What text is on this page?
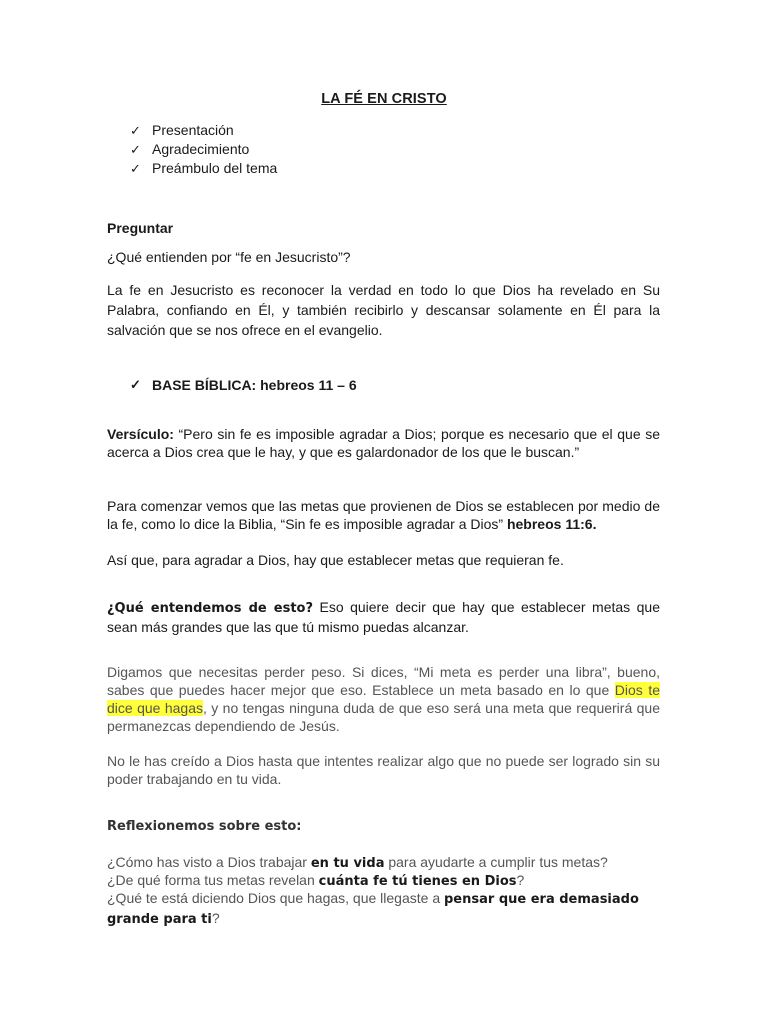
LA FÉ EN CRISTO
✓ Presentación
✓ Agradecimiento
✓ Preámbulo del tema
Preguntar
¿Qué entienden por “fe en Jesucristo”?
La fe en Jesucristo es reconocer la verdad en todo lo que Dios ha revelado en Su Palabra, confiando en Él, y también recibirlo y descansar solamente en Él para la salvación que se nos ofrece en el evangelio.
✓ BASE BÍBLICA: hebreos 11 – 6
Versículo: “Pero sin fe es imposible agradar a Dios; porque es necesario que el que se acerca a Dios crea que le hay, y que es galardonador de los que le buscan.”
Para comenzar vemos que las metas que provienen de Dios se establecen por medio de la fe, como lo dice la Biblia, “Sin fe es imposible agradar a Dios” hebreos 11:6.
Así que, para agradar a Dios, hay que establecer metas que requieran fe.
¿Qué entendemos de esto? Eso quiere decir que hay que establecer metas que sean más grandes que las que tú mismo puedas alcanzar.
Digamos que necesitas perder peso. Si dices, “Mi meta es perder una libra”, bueno, sabes que puedes hacer mejor que eso. Establece un meta basado en lo que Dios te dice que hagas, y no tengas ninguna duda de que eso será una meta que requerirá que permanezcas dependiendo de Jesús.
No le has creído a Dios hasta que intentes realizar algo que no puede ser logrado sin su poder trabajando en tu vida.
Reflexionemos sobre esto:
¿Cómo has visto a Dios trabajar en tu vida para ayudarte a cumplir tus metas?
¿De qué forma tus metas revelan cuánta fe tú tienes en Dios?
¿Qué te está diciendo Dios que hagas, que llegaste a pensar que era demasiado grande para ti?
